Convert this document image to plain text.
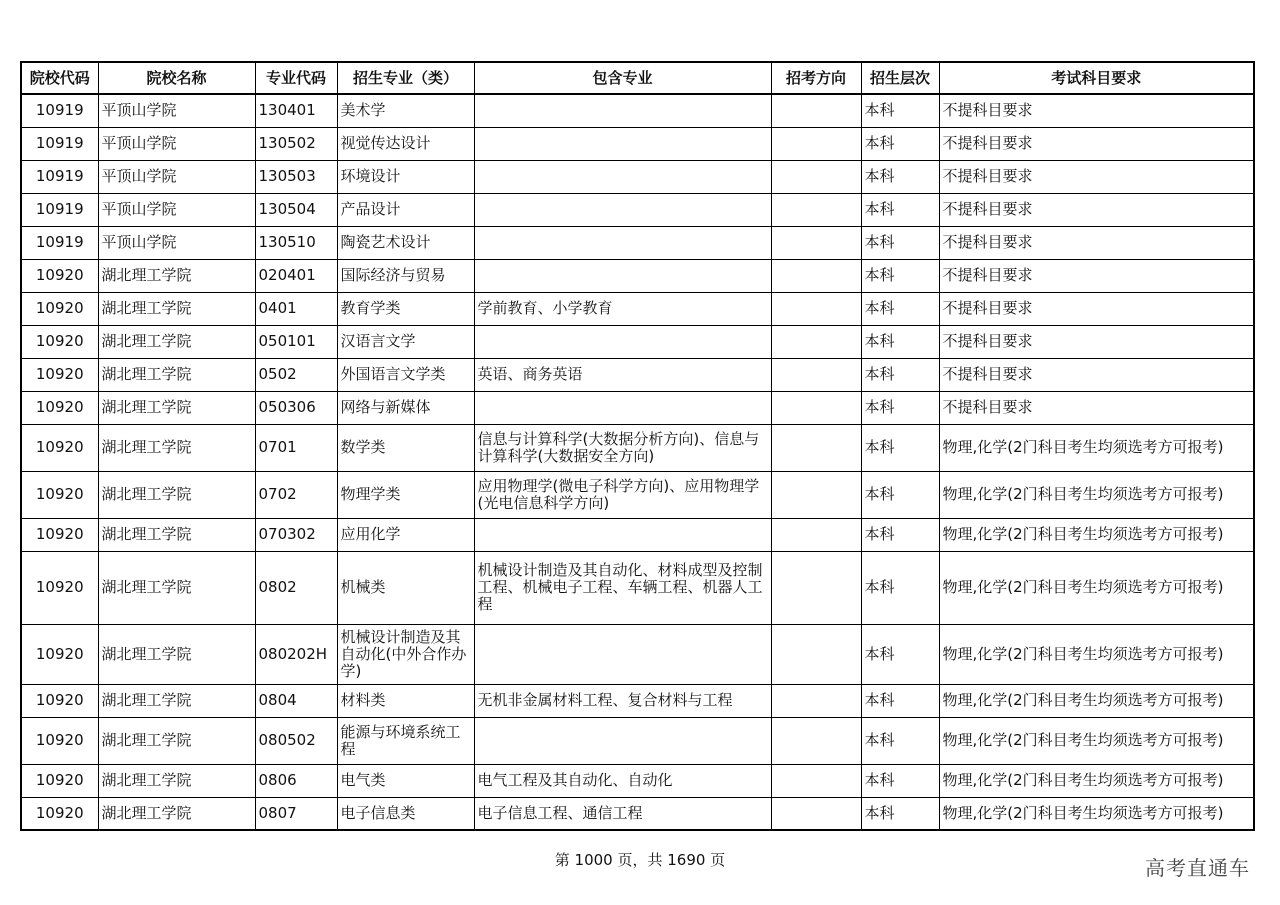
院校代码	院校名称	专业代码	招生专业（类）	包含专业	招考方向	招生层次	考试科目要求
10919	平顶山学院	130401	美术学			本科	不提科目要求
10919	平顶山学院	130502	视觉传达设计			本科	不提科目要求
10919	平顶山学院	130503	环境设计			本科	不提科目要求
10919	平顶山学院	130504	产品设计			本科	不提科目要求
10919	平顶山学院	130510	陶瓷艺术设计			本科	不提科目要求
10920	湖北理工学院	020401	国际经济与贸易			本科	不提科目要求
10920	湖北理工学院	0401	教育学类	学前教育、小学教育		本科	不提科目要求
10920	湖北理工学院	050101	汉语言文学			本科	不提科目要求
10920	湖北理工学院	0502	外国语言文学类	英语、商务英语		本科	不提科目要求
10920	湖北理工学院	050306	网络与新媒体			本科	不提科目要求
10920	湖北理工学院	0701	数学类	信息与计算科学(大数据分析方向)、信息与计算科学(大数据安全方向)		本科	物理,化学(2门科目考生均须选考方可报考)
10920	湖北理工学院	0702	物理学类	应用物理学(微电子科学方向)、应用物理学(光电信息科学方向)		本科	物理,化学(2门科目考生均须选考方可报考)
10920	湖北理工学院	070302	应用化学			本科	物理,化学(2门科目考生均须选考方可报考)
10920	湖北理工学院	0802	机械类	机械设计制造及其自动化、材料成型及控制工程、机械电子工程、车辆工程、机器人工程		本科	物理,化学(2门科目考生均须选考方可报考)
10920	湖北理工学院	080202H	机械设计制造及其自动化(中外合作办学)			本科	物理,化学(2门科目考生均须选考方可报考)
10920	湖北理工学院	0804	材料类	无机非金属材料工程、复合材料与工程		本科	物理,化学(2门科目考生均须选考方可报考)
10920	湖北理工学院	080502	能源与环境系统工程			本科	物理,化学(2门科目考生均须选考方可报考)
10920	湖北理工学院	0806	电气类	电气工程及其自动化、自动化		本科	物理,化学(2门科目考生均须选考方可报考)
10920	湖北理工学院	0807	电子信息类	电子信息工程、通信工程		本科	物理,化学(2门科目考生均须选考方可报考)
第 1000 页，共 1690 页	高考直通车
